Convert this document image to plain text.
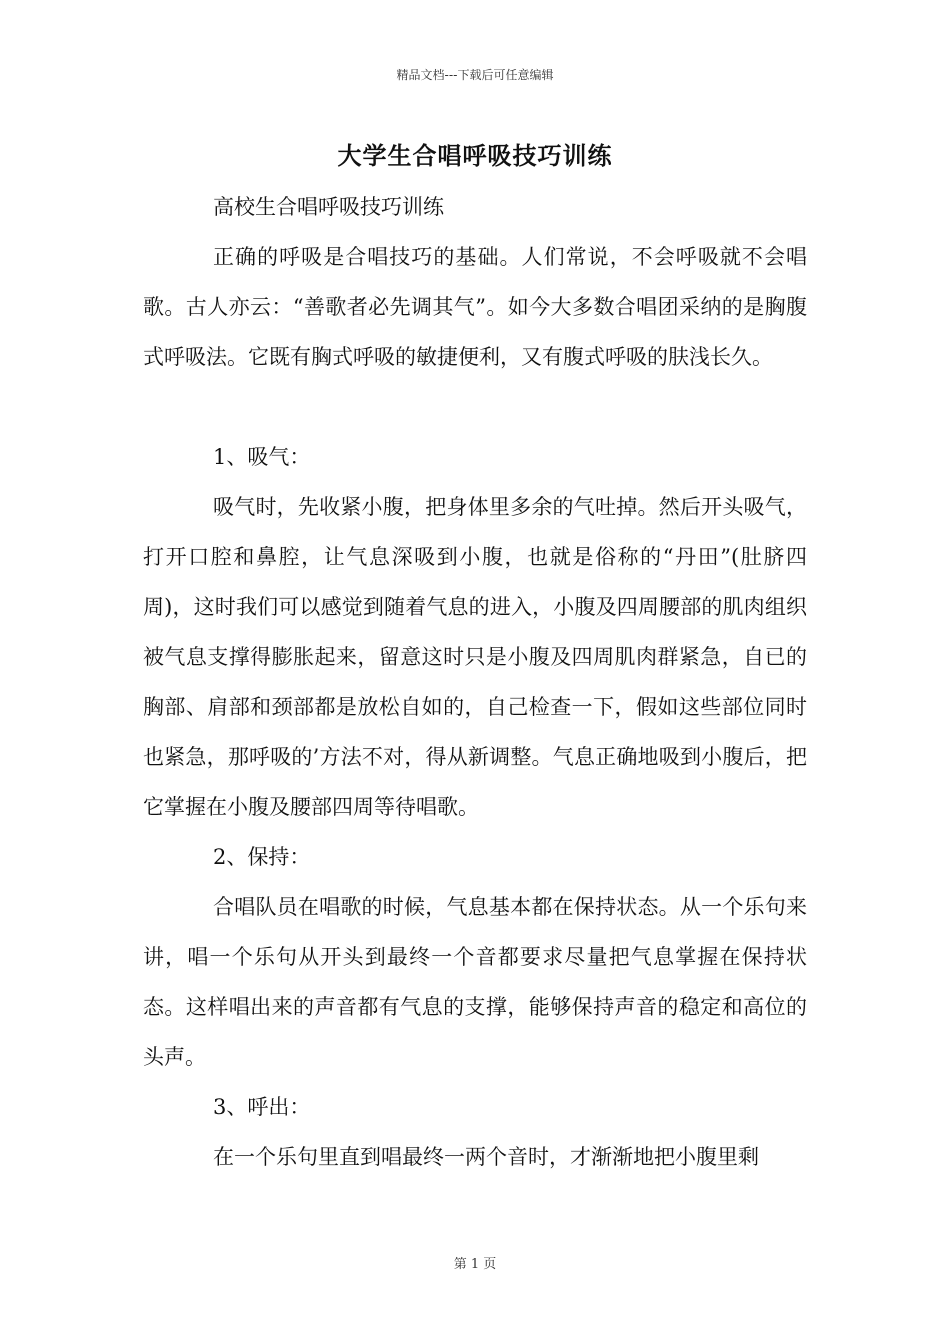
精品文档---下载后可任意编辑
大学生合唱呼吸技巧训练

高校生合唱呼吸技巧训练

正确的呼吸是合唱技巧的基础。人们常说，不会呼吸就不会唱歌。古人亦云：“善歌者必先调其气”。如今大多数合唱团采纳的是胸腹式呼吸法。它既有胸式呼吸的敏捷便利，又有腹式呼吸的肤浅长久。

1、吸气：

吸气时，先收紧小腹，把身体里多余的气吐掉。然后开头吸气，打开口腔和鼻腔，让气息深吸到小腹，也就是俗称的“丹田”(肚脐四周)，这时我们可以感觉到随着气息的进入，小腹及四周腰部的肌肉组织被气息支撑得膨胀起来，留意这时只是小腹及四周肌肉群紧急，自已的胸部、肩部和颈部都是放松自如的，自己检查一下，假如这些部位同时也紧急，那呼吸的’方法不对，得从新调整。气息正确地吸到小腹后，把它掌握在小腹及腰部四周等待唱歌。

2、保持：

合唱队员在唱歌的时候，气息基本都在保持状态。从一个乐句来讲，唱一个乐句从开头到最终一个音都要求尽量把气息掌握在保持状态。这样唱出来的声音都有气息的支撑，能够保持声音的稳定和高位的头声。

3、呼出：

在一个乐句里直到唱最终一两个音时，才渐渐地把小腹里剩

第 1 页
